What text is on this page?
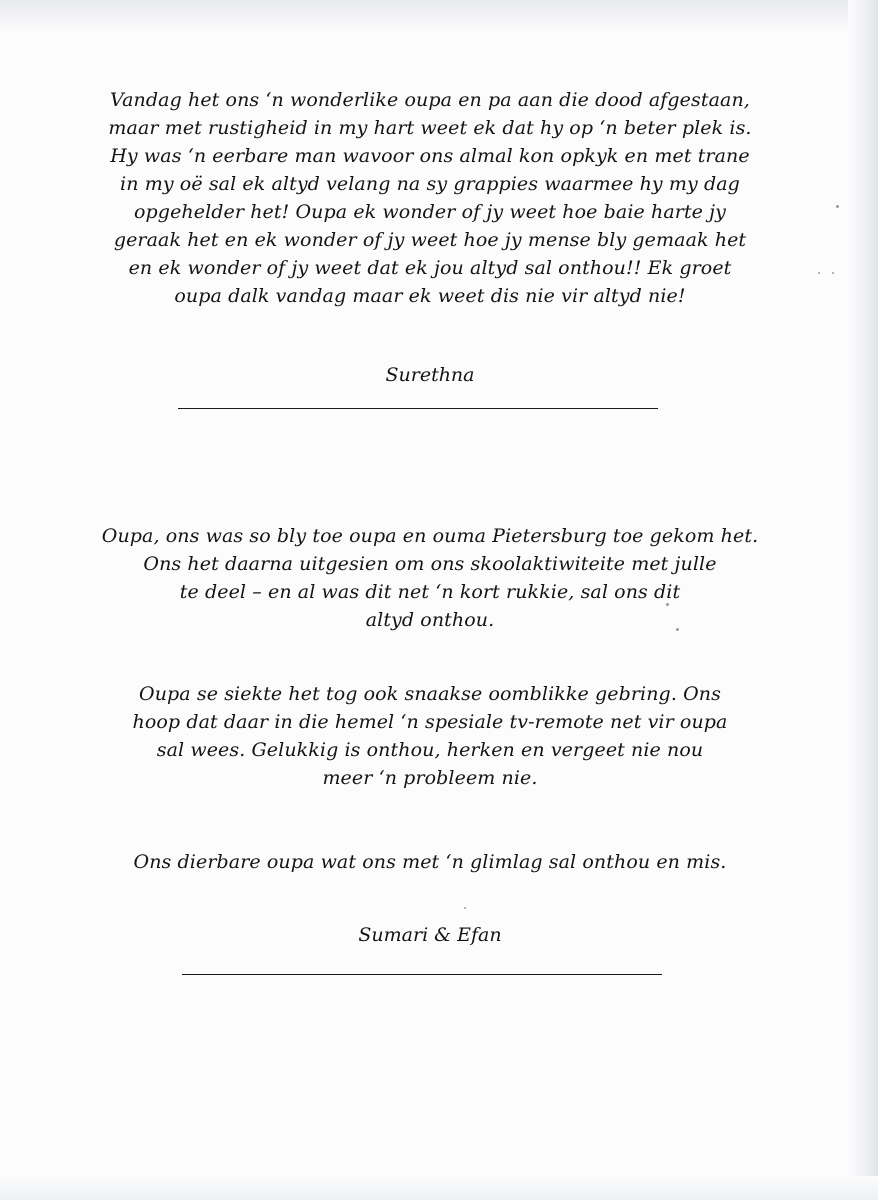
Vandag het ons ‘n wonderlike oupa en pa aan die dood afgestaan,
maar met rustigheid in my hart weet ek dat hy op ‘n beter plek is.
Hy was ‘n eerbare man wavoor ons almal kon opkyk en met trane
in my oë sal ek altyd velang na sy grappies waarmee hy my dag
opgehelder het! Oupa ek wonder of jy weet hoe baie harte jy
geraak het en ek wonder of jy weet hoe jy mense bly gemaak het
en ek wonder of jy weet dat ek jou altyd sal onthou!! Ek groet
oupa dalk vandag maar ek weet dis nie vir altyd nie!
Surethna
Oupa, ons was so bly toe oupa en ouma Pietersburg toe gekom het.
Ons het daarna uitgesien om ons skoolaktiwiteite met julle
te deel – en al was dit net ‘n kort rukkie, sal ons dit
altyd onthou.
Oupa se siekte het tog ook snaakse oomblikke gebring. Ons
hoop dat daar in die hemel ‘n spesiale tv-remote net vir oupa
sal wees. Gelukkig is onthou, herken en vergeet nie nou
meer ‘n probleem nie.
Ons dierbare oupa wat ons met ‘n glimlag sal onthou en mis.
Sumari & Efan
